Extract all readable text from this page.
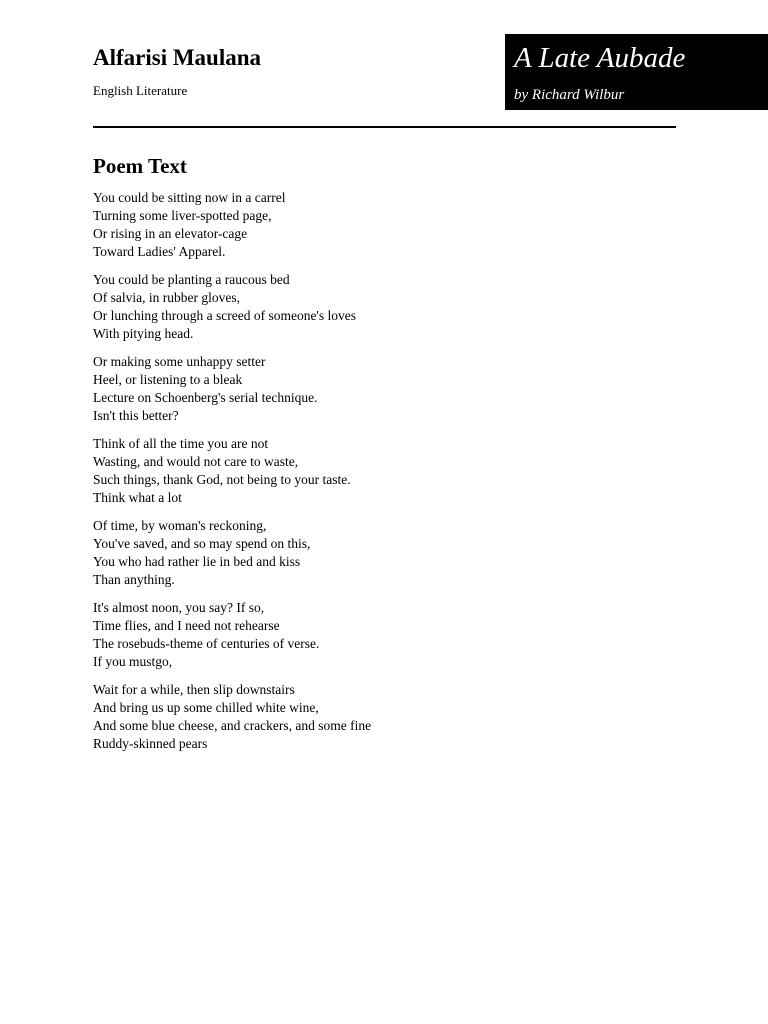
Alfarisi Maulana

English Literature

A Late Aubade

by Richard Wilbur

Poem Text

You could be sitting now in a carrel
Turning some liver-spotted page,
Or rising in an elevator-cage
Toward Ladies' Apparel.

You could be planting a raucous bed
Of salvia, in rubber gloves,
Or lunching through a screed of someone's loves
With pitying head.

Or making some unhappy setter
Heel, or listening to a bleak
Lecture on Schoenberg's serial technique.
Isn't this better?

Think of all the time you are not
Wasting, and would not care to waste,
Such things, thank God, not being to your taste.
Think what a lot

Of time, by woman's reckoning,
You've saved, and so may spend on this,
You who had rather lie in bed and kiss
Than anything.

It's almost noon, you say? If so,
Time flies, and I need not rehearse
The rosebuds-theme of centuries of verse.
If you mustgo,

Wait for a while, then slip downstairs
And bring us up some chilled white wine,
And some blue cheese, and crackers, and some fine
Ruddy-skinned pears
